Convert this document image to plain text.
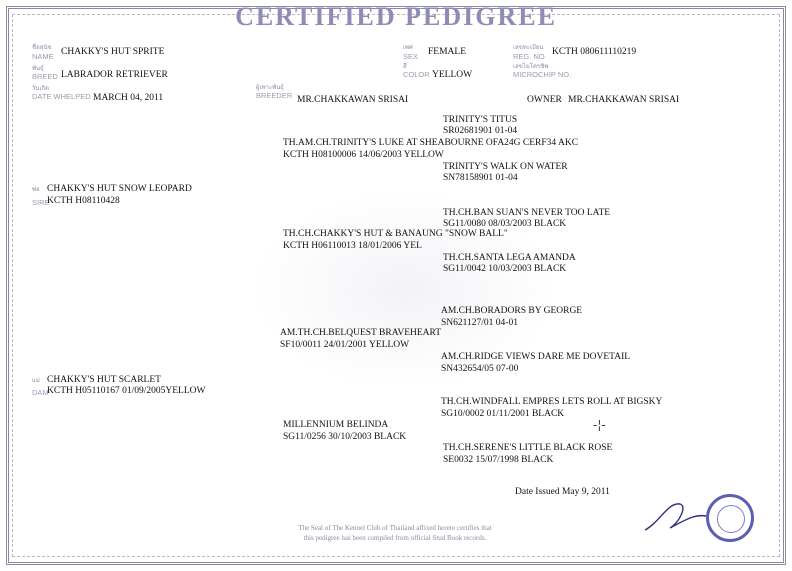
CERTIFIED PEDIGREE
ชื่อสุนัข
NAME CHAKKY'S HUT SPRITE
พันธุ์
BREED LABRADOR RETRIEVER
วันเกิด
DATE WHELPED MARCH 04, 2011
เพศ
SEX FEMALE
สี
COLOR YELLOW
ผู้เพาะพันธุ์
BREEDER MR.CHAKKAWAN SRISAI
เลขทะเบียน
REG. NO KCTH 080611110219
เลขไมโครชิพ
MICROCHIP NO.
OWNER MR.CHAKKAWAN SRISAI
TRINITY'S TITUS
SR02681901 01-04
TH.AM.CH.TRINITY'S LUKE AT SHEABOURNE OFA24G CERF34 AKC
KCTH H08100006 14/06/2003 YELLOW
TRINITY'S WALK ON WATER
SN78158901 01-04
พ่อ CHAKKY'S HUT SNOW LEOPARD
SIRE
KCTH H08110428
TH.CH.BAN SUAN'S NEVER TOO LATE
SG11/0080 08/03/2003 BLACK
TH.CH.CHAKKY'S HUT & BANAUNG "SNOW BALL"
KCTH H06110013 18/01/2006 YEL
TH.CH.SANTA LEGA AMANDA
SG11/0042 10/03/2003 BLACK
AM.CH.BORADORS BY GEORGE
SN621127/01 04-01
AM.TH.CH.BELQUEST BRAVEHEART
SF10/0011 24/01/2001 YELLOW
AM.CH.RIDGE VIEWS DARE ME DOVETAIL
SN432654/05 07-00
แม่ CHAKKY'S HUT SCARLET
DAM
KCTH H05110167 01/09/2005YELLOW
TH.CH.WINDFALL EMPRES LETS ROLL AT BIGSKY
SG10/0002 01/11/2001 BLACK
MILLENNIUM BELINDA
SG11/0256 30/10/2003 BLACK
TH.CH.SERENE'S LITTLE BLACK ROSE
SE0032 15/07/1998 BLACK
-¦-
Date Issued May 9, 2011
The Seal of The Kennel Club of Thailand affixed hereto certifies that
this pedigree has been compiled from official Stud Book records.
